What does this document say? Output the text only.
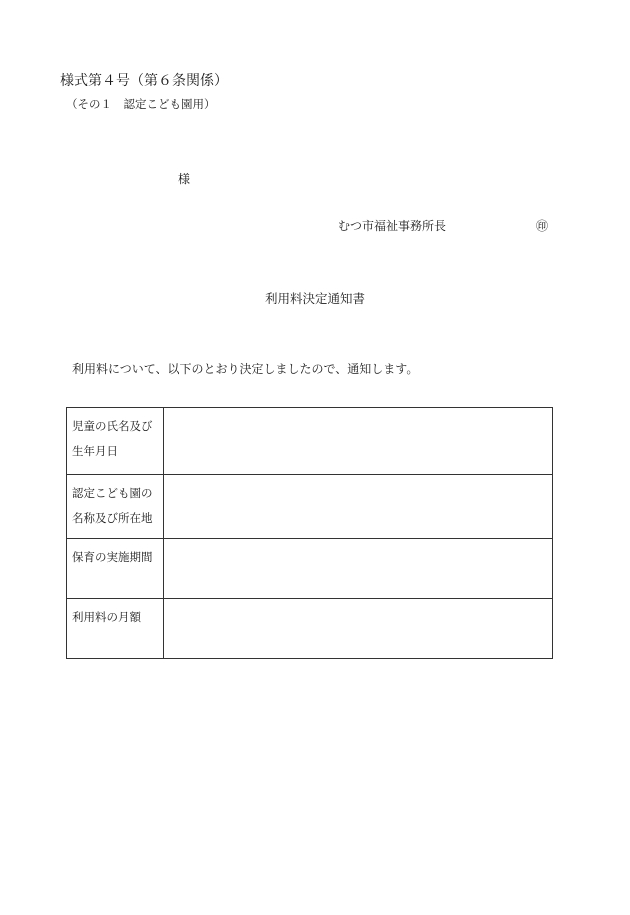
様式第４号（第６条関係）
（その１　認定こども園用）
様
むつ市福祉事務所長	㊞
利用料決定通知書
利用料について、以下のとおり決定しましたので、通知します。
児童の氏名及び生年月日	
認定こども園の名称及び所在地	
保育の実施期間	
利用料の月額	
